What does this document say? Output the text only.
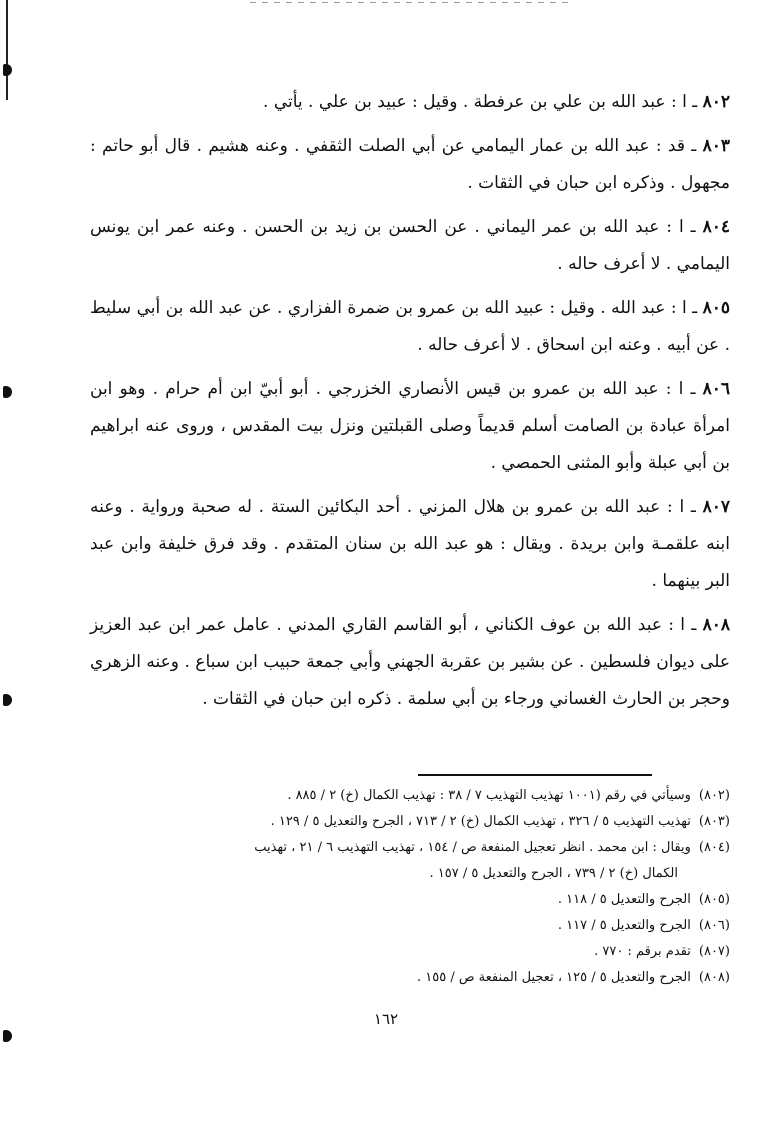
٨٠٢ ـ ا : عبد الله بن علي بن عرفطة . وقيل : عبيد بن علي . يأتي .

٨٠٣ ـ قد : عبد الله بن عمار اليمامي عن أبي الصلت الثقفي . وعنه هشيم . قال أبو حاتم : مجهول . وذكره ابن حبان في الثقات .

٨٠٤ ـ ا : عبد الله بن عمر اليماني . عن الحسن بن زيد بن الحسن . وعنه عمر ابن يونس اليمامي . لا أعرف حاله .

٨٠٥ ـ ا : عبد الله . وقيل : عبيد الله بن عمرو بن ضمرة الفزاري . عن عبد الله بن أبي سليط . عن أبيه . وعنه ابن اسحاق . لا أعرف حاله .

٨٠٦ ـ ا : عبد الله بن عمرو بن قيس الأنصاري الخزرجي . أبو أبيّ ابن أم حرام . وهو ابن امرأة عبادة بن الصامت أسلم قديماً وصلى القبلتين ونزل بيت المقدس ، وروى عنه ابراهيم بن أبي عبلة وأبو المثنى الحمصي .

٨٠٧ ـ ا : عبد الله بن عمرو بن هلال المزني . أحد البكائين الستة . له صحبة ورواية . وعنه ابنه علقمـة وابن بريدة . ويقال : هو عبد الله بن سنان المتقدم . وقد فرق خليفة وابن عبد البر بينهما .

٨٠٨ ـ ا : عبد الله بن عوف الكناني ، أبو القاسم القاري المدني . عامل عمر ابن عبد العزيز على ديوان فلسطين . عن بشير بن عقربة الجهني وأبي جمعة حبيب ابن سباع . وعنه الزهري وحجر بن الحارث الغساني ورجاء بن أبي سلمة . ذكره ابن حبان في الثقات .

(٨٠٢)وسيأتي في رقم (١٠٠١ تهذيب التهذيب ٧ / ٣٨ : تهذيب الكمال (خ) ٢ / ٨٨٥ .

(٨٠٣)تهذيب التهذيب ٥ / ٣٢٦ ، تهذيب الكمال (خ) ٢ / ٧١٣ ، الجرح والتعديل ٥ / ١٢٩ .

(٨٠٤)ويقال : ابن محمد . انظر تعجيل المنفعة ص / ١٥٤ ، تهذيب التهذيب ٦ / ٢١ ، تهذيب

الكمال (خ) ٢ / ٧٣٩ ، الجرح والتعديل ٥ / ١٥٧ .

(٨٠٥)الجرح والتعديل ٥ / ١١٨ .

(٨٠٦)الجرح والتعديل ٥ / ١١٧ .

(٨٠٧)تقدم برقم : ٧٧٠ .

(٨٠٨)الجرح والتعديل ٥ / ١٢٥ ، تعجيل المنفعة ص / ١٥٥ .

١٦٢
